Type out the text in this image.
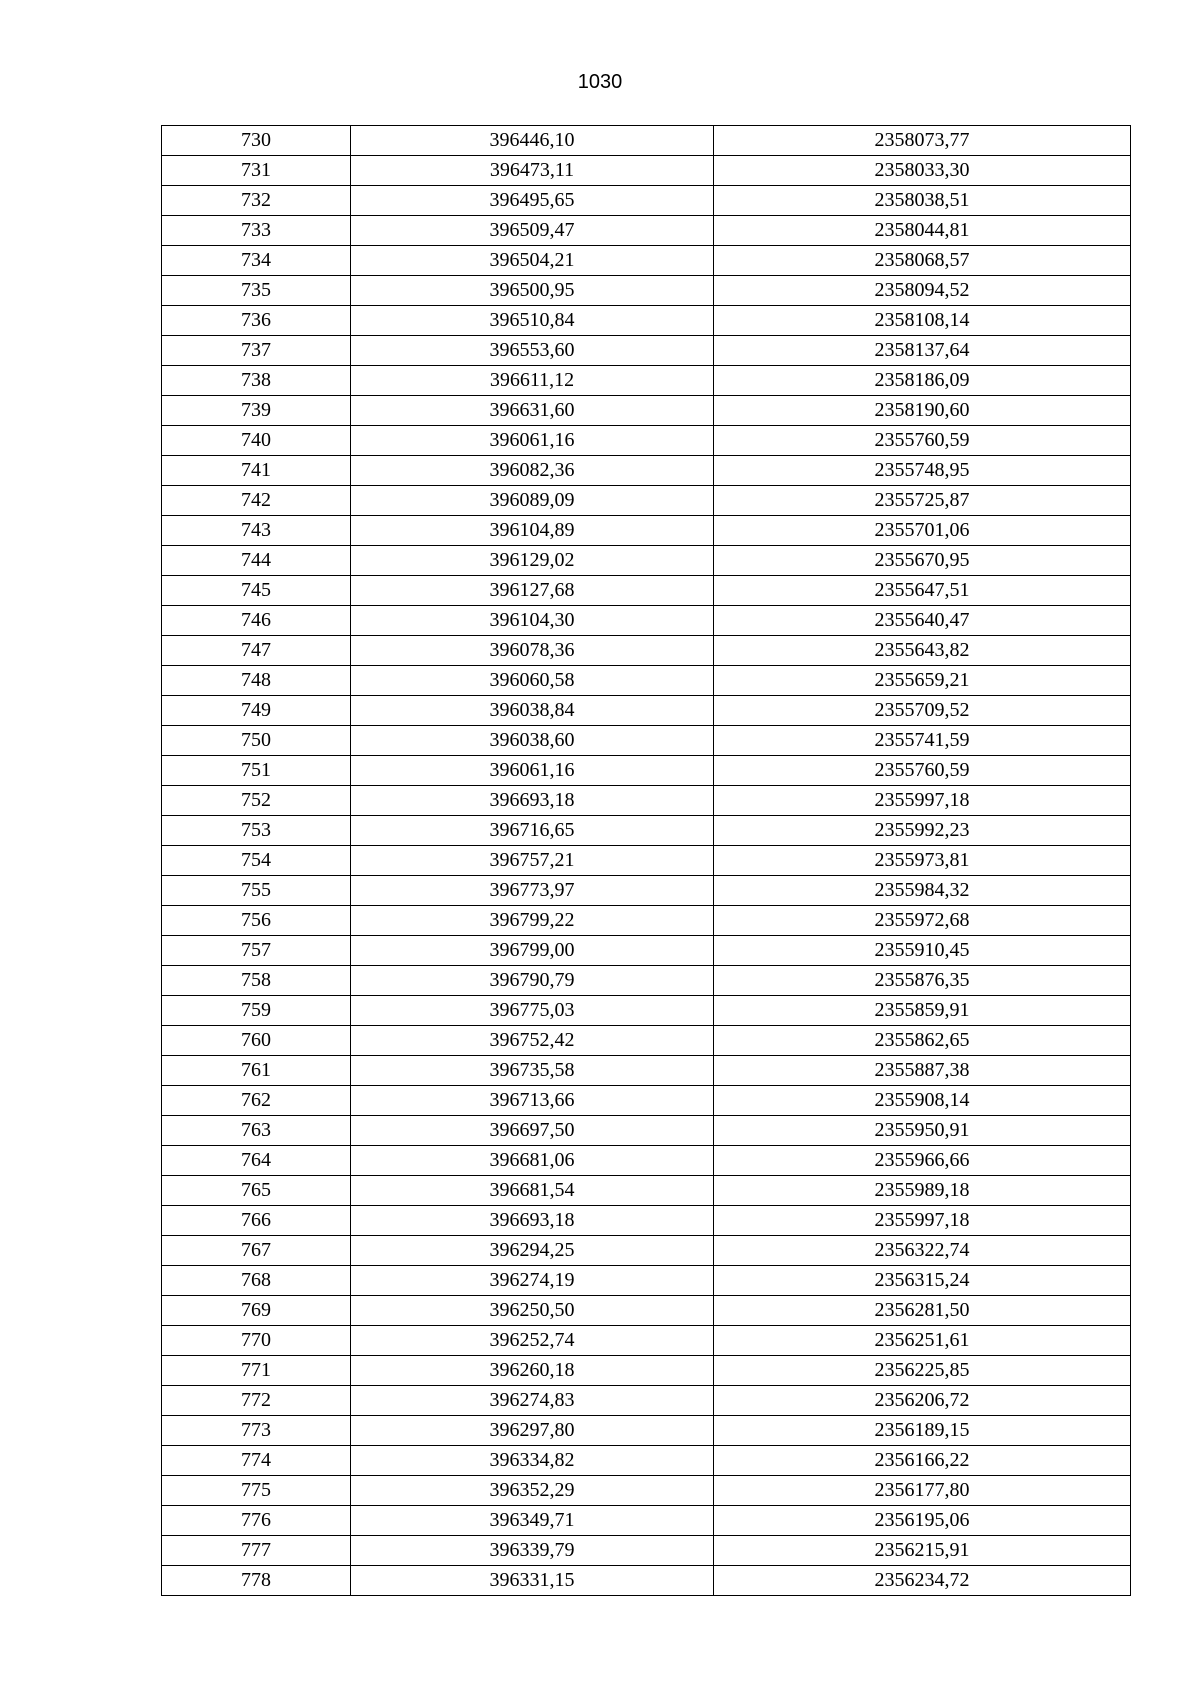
1030
730	396446,10	2358073,77
731	396473,11	2358033,30
732	396495,65	2358038,51
733	396509,47	2358044,81
734	396504,21	2358068,57
735	396500,95	2358094,52
736	396510,84	2358108,14
737	396553,60	2358137,64
738	396611,12	2358186,09
739	396631,60	2358190,60
740	396061,16	2355760,59
741	396082,36	2355748,95
742	396089,09	2355725,87
743	396104,89	2355701,06
744	396129,02	2355670,95
745	396127,68	2355647,51
746	396104,30	2355640,47
747	396078,36	2355643,82
748	396060,58	2355659,21
749	396038,84	2355709,52
750	396038,60	2355741,59
751	396061,16	2355760,59
752	396693,18	2355997,18
753	396716,65	2355992,23
754	396757,21	2355973,81
755	396773,97	2355984,32
756	396799,22	2355972,68
757	396799,00	2355910,45
758	396790,79	2355876,35
759	396775,03	2355859,91
760	396752,42	2355862,65
761	396735,58	2355887,38
762	396713,66	2355908,14
763	396697,50	2355950,91
764	396681,06	2355966,66
765	396681,54	2355989,18
766	396693,18	2355997,18
767	396294,25	2356322,74
768	396274,19	2356315,24
769	396250,50	2356281,50
770	396252,74	2356251,61
771	396260,18	2356225,85
772	396274,83	2356206,72
773	396297,80	2356189,15
774	396334,82	2356166,22
775	396352,29	2356177,80
776	396349,71	2356195,06
777	396339,79	2356215,91
778	396331,15	2356234,72
